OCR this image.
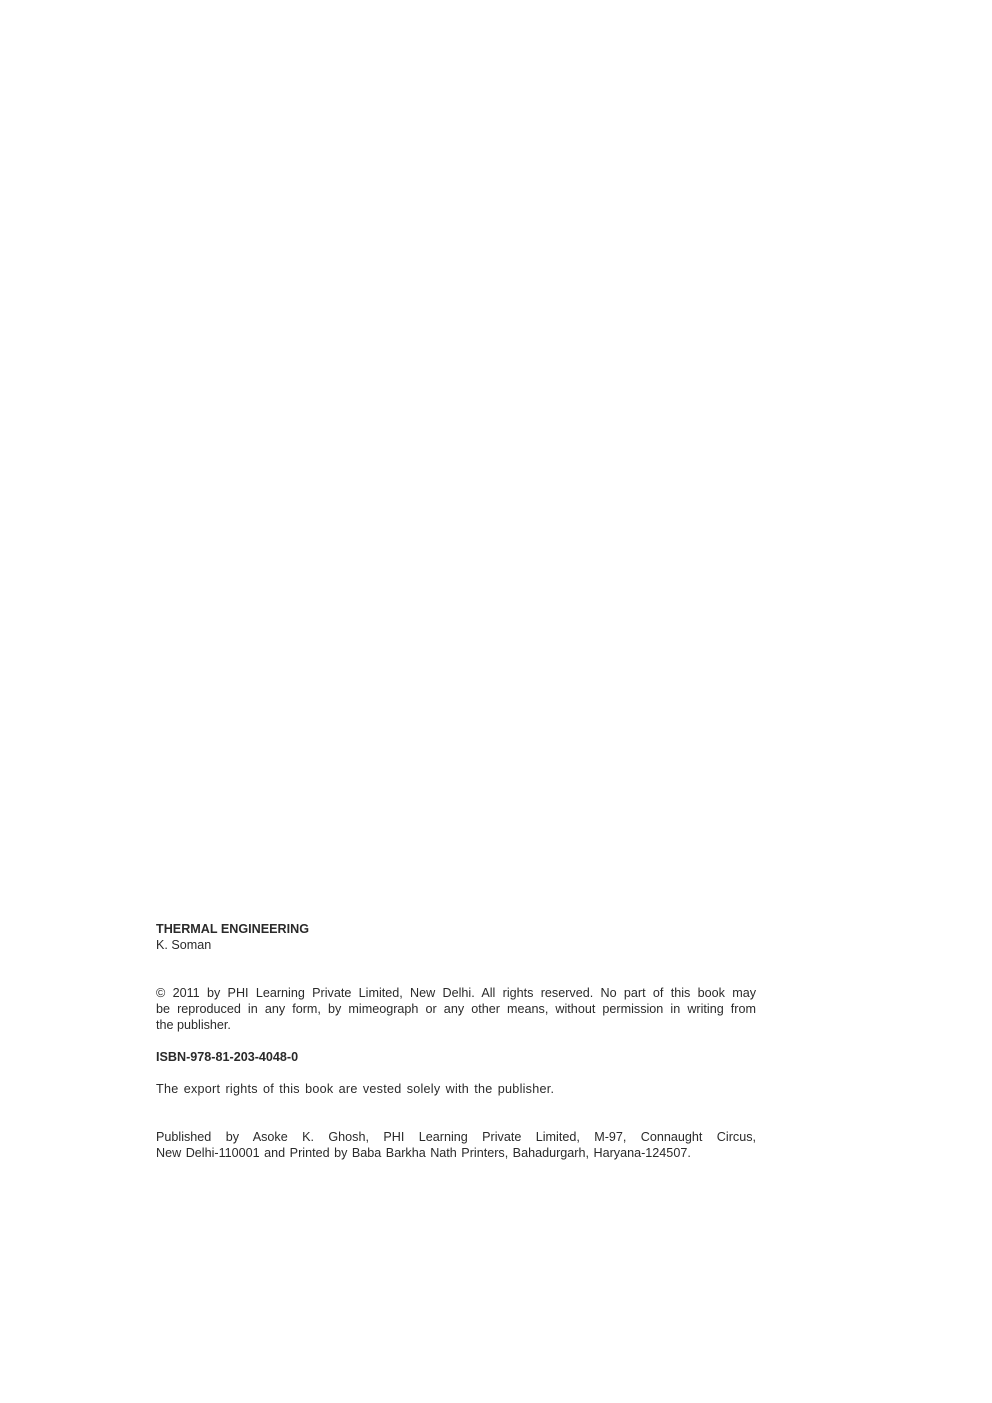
THERMAL ENGINEERING
K. Soman
© 2011 by PHI Learning Private Limited, New Delhi. All rights reserved. No part of this book may
be reproduced in any form, by mimeograph or any other means, without permission in writing from
the publisher.
ISBN-978-81-203-4048-0
The export rights of this book are vested solely with the publisher.
Published by Asoke K. Ghosh, PHI Learning Private Limited, M-97, Connaught Circus,
New Delhi-110001 and Printed by Baba Barkha Nath Printers, Bahadurgarh, Haryana-124507.
